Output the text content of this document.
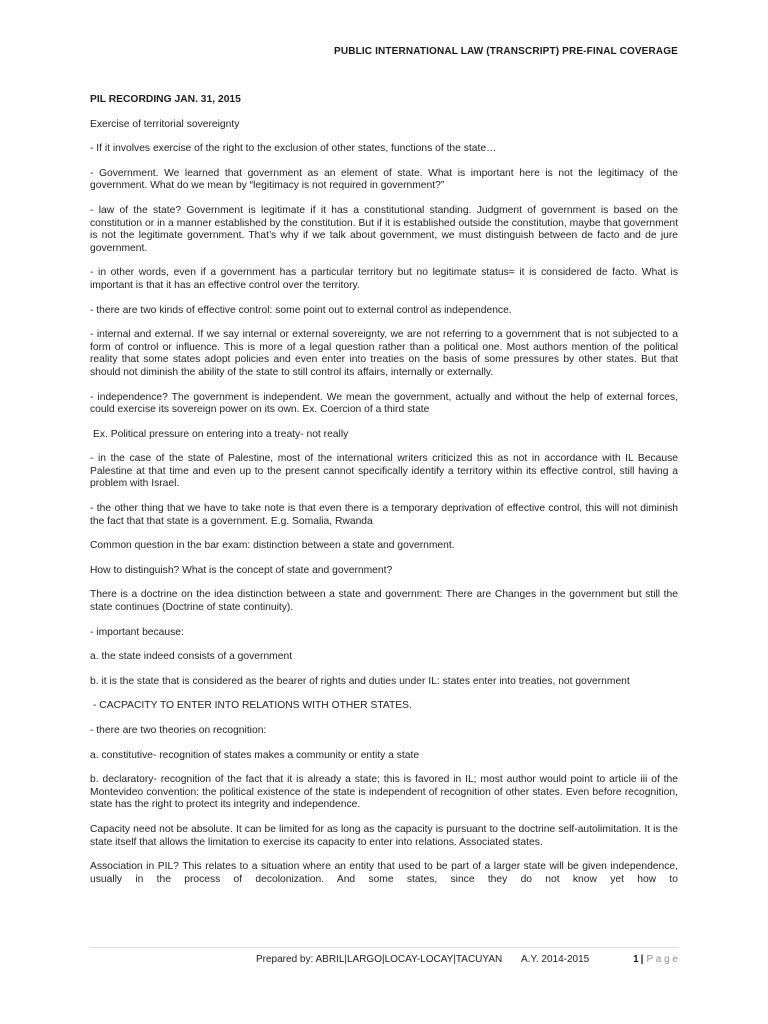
PUBLIC INTERNATIONAL LAW (TRANSCRIPT) PRE-FINAL COVERAGE

PIL RECORDING JAN. 31, 2015

Exercise of territorial sovereignty

- If it involves exercise of the right to the exclusion of other states, functions of the state…

- Government. We learned that government as an element of state. What is important here is not the legitimacy of the government. What do we mean by “legitimacy is not required in government?”

- law of the state? Government is legitimate if it has a constitutional standing. Judgment of government is based on the constitution or in a manner established by the constitution. But if it is established outside the constitution, maybe that government is not the legitimate government. That’s why if we talk about government, we must distinguish between de facto and de jure government.

- in other words, even if a government has a particular territory but no legitimate status= it is considered de facto. What is important is that it has an effective control over the territory.

- there are two kinds of effective control: some point out to external control as independence.

- internal and external. If we say internal or external sovereignty, we are not referring to a government that is not subjected to a form of control or influence. This is more of a legal question rather than a political one. Most authors mention of the political reality that some states adopt policies and even enter into treaties on the basis of some pressures by other states. But that should not diminish the ability of the state to still control its affairs, internally or externally.

- independence? The government is independent. We mean the government, actually and without the help of external forces, could exercise its sovereign power on its own. Ex. Coercion of a third state

Ex. Political pressure on entering into a treaty- not really

- in the case of the state of Palestine, most of the international writers criticized this as not in accordance with IL Because Palestine at that time and even up to the present cannot specifically identify a territory within its effective control, still having a problem with Israel.

- the other thing that we have to take note is that even there is a temporary deprivation of effective control, this will not diminish the fact that that state is a government. E.g. Somalia, Rwanda

Common question in the bar exam: distinction between a state and government.

How to distinguish? What is the concept of state and government?

There is a doctrine on the idea distinction between a state and government: There are Changes in the government but still the state continues (Doctrine of state continuity).

- important because:

a. the state indeed consists of a government

b. it is the state that is considered as the bearer of rights and duties under IL: states enter into treaties, not government

- CACPACITY TO ENTER INTO RELATIONS WITH OTHER STATES.

- there are two theories on recognition:

a. constitutive- recognition of states makes a community or entity a state

b. declaratory- recognition of the fact that it is already a state; this is favored in IL; most author would point to article iii of the Montevideo convention: the political existence of the state is independent of recognition of other states. Even before recognition, state has the right to protect its integrity and independence.

Capacity need not be absolute. It can be limited for as long as the capacity is pursuant to the doctrine self-autolimitation. It is the state itself that allows the limitation to exercise its capacity to enter into relations. Associated states.

Association in PIL? This relates to a situation where an entity that used to be part of a larger state will be given independence, usually in the process of decolonization. And some states, since they do not know yet how to

Prepared by: ABRIL|LARGO|LOCAY-LOCAY|TACUYAN A.Y. 2014-2015	1 | P a g e
